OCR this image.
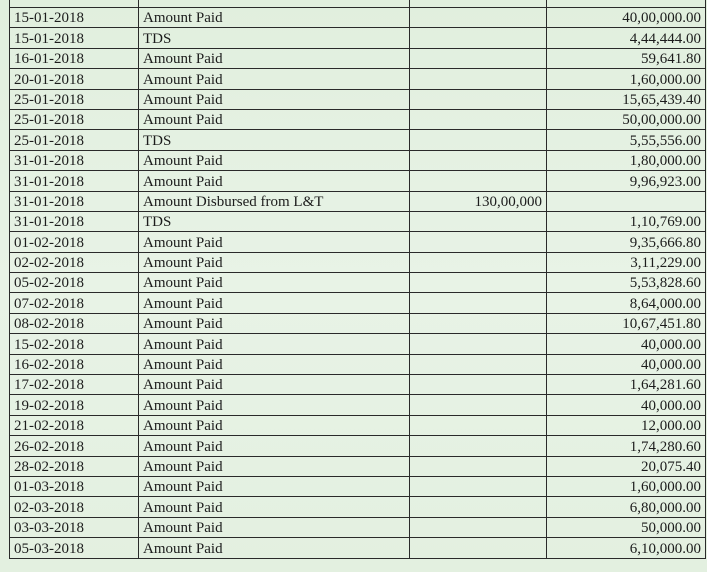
15-01-2018	Amount Paid		40,00,000.00
15-01-2018	TDS		4,44,444.00
16-01-2018	Amount Paid		59,641.80
20-01-2018	Amount Paid		1,60,000.00
25-01-2018	Amount Paid		15,65,439.40
25-01-2018	Amount Paid		50,00,000.00
25-01-2018	TDS		5,55,556.00
31-01-2018	Amount Paid		1,80,000.00
31-01-2018	Amount Paid		9,96,923.00
31-01-2018	Amount Disbursed from L&T	130,00,000	
31-01-2018	TDS		1,10,769.00
01-02-2018	Amount Paid		9,35,666.80
02-02-2018	Amount Paid		3,11,229.00
05-02-2018	Amount Paid		5,53,828.60
07-02-2018	Amount Paid		8,64,000.00
08-02-2018	Amount Paid		10,67,451.80
15-02-2018	Amount Paid		40,000.00
16-02-2018	Amount Paid		40,000.00
17-02-2018	Amount Paid		1,64,281.60
19-02-2018	Amount Paid		40,000.00
21-02-2018	Amount Paid		12,000.00
26-02-2018	Amount Paid		1,74,280.60
28-02-2018	Amount Paid		20,075.40
01-03-2018	Amount Paid		1,60,000.00
02-03-2018	Amount Paid		6,80,000.00
03-03-2018	Amount Paid		50,000.00
05-03-2018	Amount Paid		6,10,000.00
